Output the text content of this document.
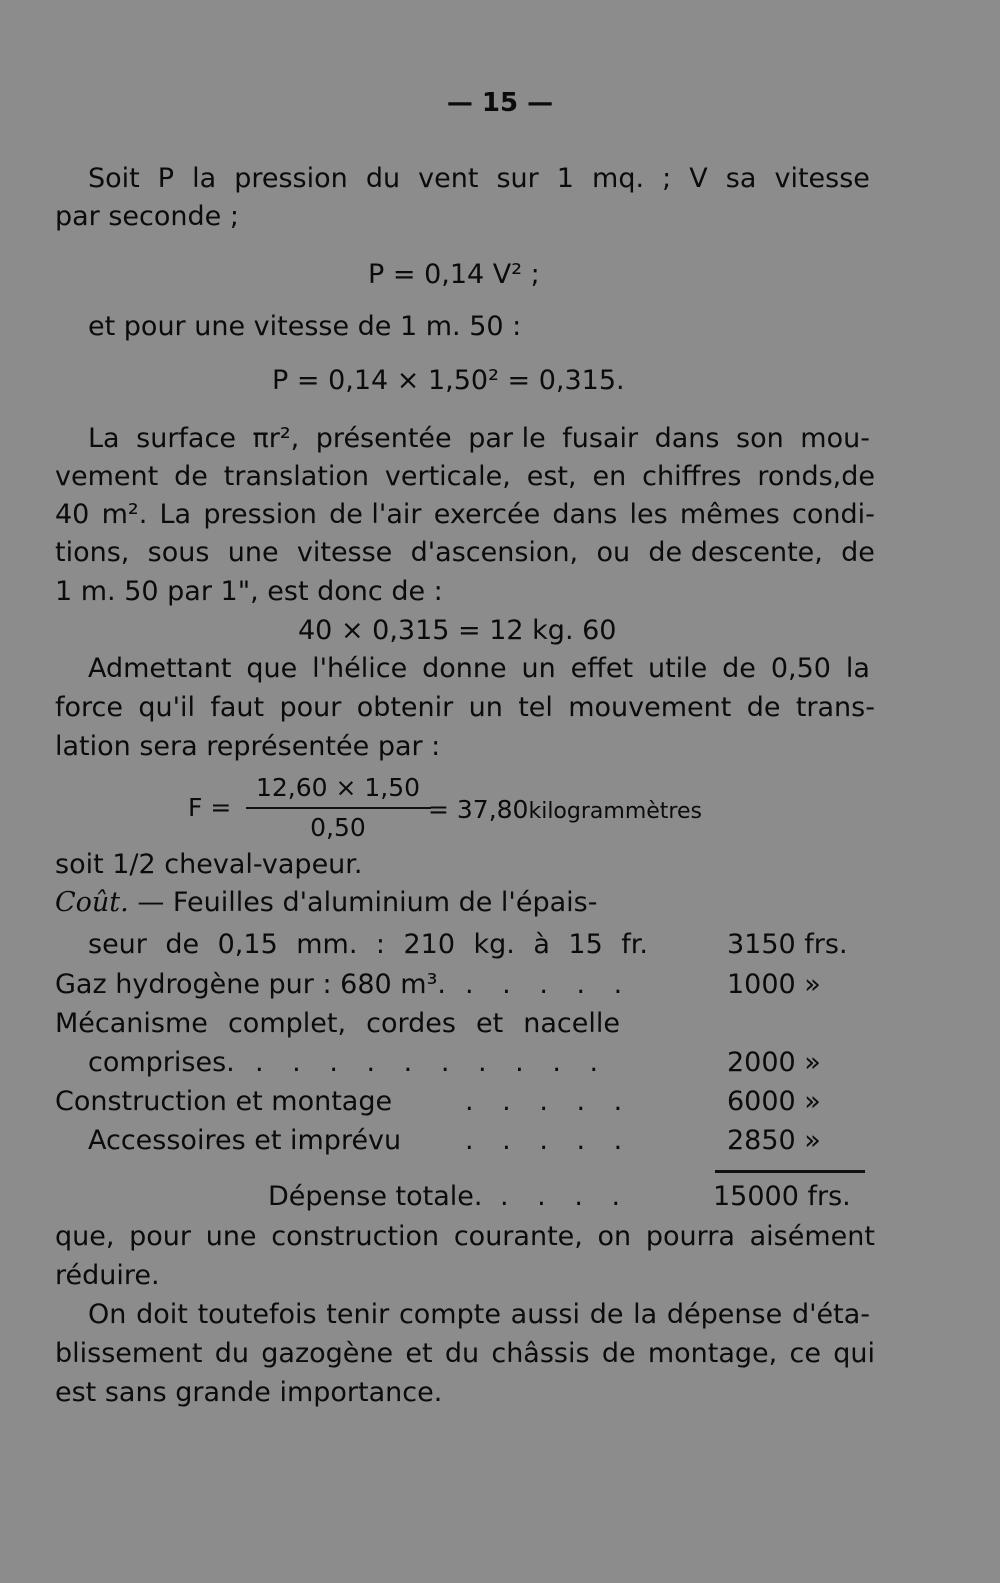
— 15 —
Soit P la pression du vent sur 1 mq. ; V sa vitesse
par seconde ;
P = 0,14 V² ;
et pour une vitesse de 1 m. 50 :
P = 0,14 × 1,50² = 0,315.
La surface πr², présentée par le fusair dans son mou-
vement de translation verticale, est, en chiffres ronds,de
40 m². La pression de l'air exercée dans les mêmes condi-
tions, sous une vitesse d'ascension, ou de descente, de
1 m. 50 par 1", est donc de :
40 × 0,315 = 12 kg. 60
Admettant que l'hélice donne un effet utile de 0,50 la
force qu'il faut pour obtenir un tel mouvement de trans-
lation sera représentée par :
F =
12,60 × 1,50
0,50
= 37,80kilogrammètres
soit 1/2 cheval-vapeur.
Coût. — Feuilles d'aluminium de l'épais-
seur de 0,15 mm. : 210 kg. à 15 fr.	3150 frs.
Gaz hydrogène pur : 680 m³. . . . . .	1000 »
Mécanisme complet, cordes et nacelle
comprises. . . . . . . . . . .	2000 »
Construction et montage	. . . . .	6000 »
Accessoires et imprévu . . . . .	2850 »
Dépense totale. . . . .	15000 frs.
que, pour une construction courante, on pourra aisément
réduire.
On doit toutefois tenir compte aussi de la dépense d'éta-
blissement du gazogène et du châssis de montage, ce qui
est sans grande importance.
